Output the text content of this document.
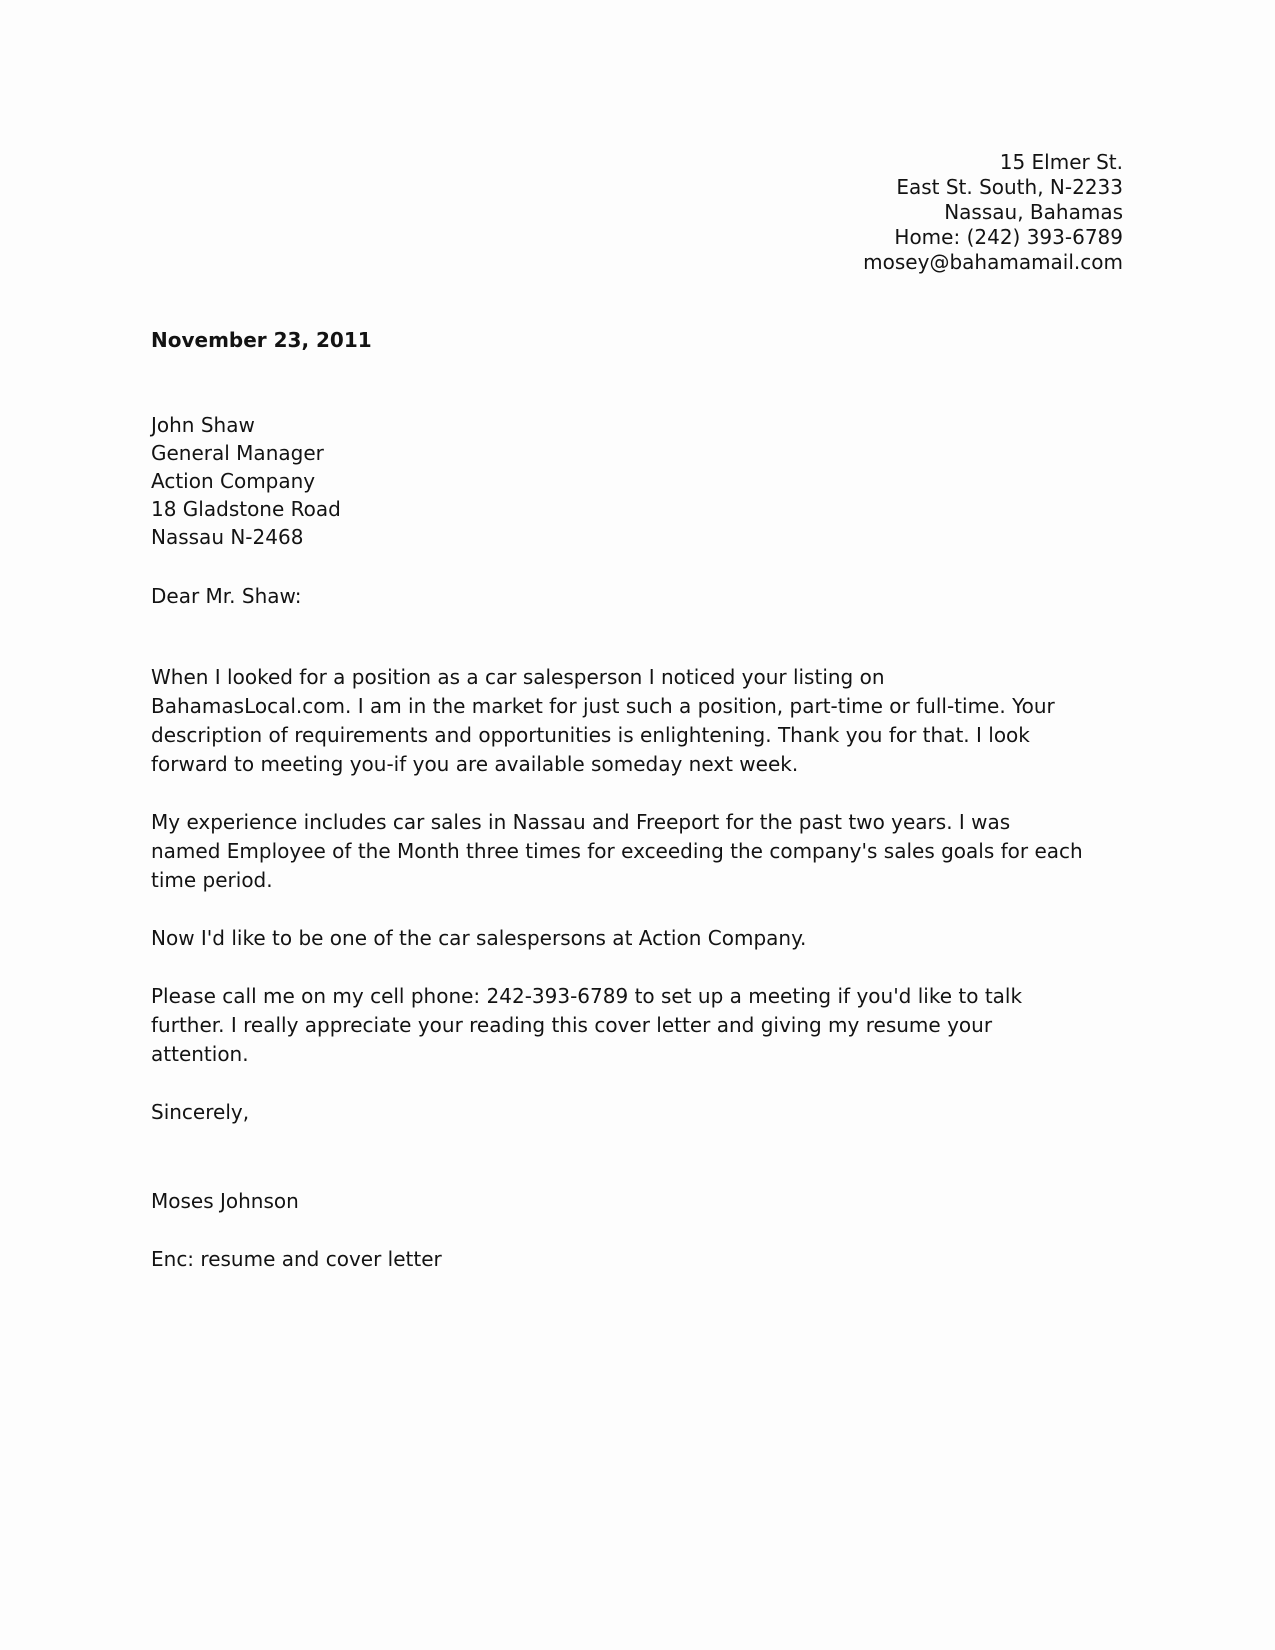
15 Elmer St.
East St. South, N-2233
Nassau, Bahamas
Home: (242) 393-6789
mosey@bahamamail.com
November 23, 2011
John Shaw
General Manager
Action Company
18 Gladstone Road
Nassau N-2468
Dear Mr. Shaw:
When I looked for a position as a car salesperson I noticed your listing on
BahamasLocal.com. I am in the market for just such a position, part-time or full-time. Your
description of requirements and opportunities is enlightening. Thank you for that. I look
forward to meeting you-if you are available someday next week.
My experience includes car sales in Nassau and Freeport for the past two years. I was
named Employee of the Month three times for exceeding the company's sales goals for each
time period.
Now I'd like to be one of the car salespersons at Action Company.
Please call me on my cell phone: 242-393-6789 to set up a meeting if you'd like to talk
further. I really appreciate your reading this cover letter and giving my resume your
attention.
Sincerely,
Moses Johnson
Enc: resume and cover letter
